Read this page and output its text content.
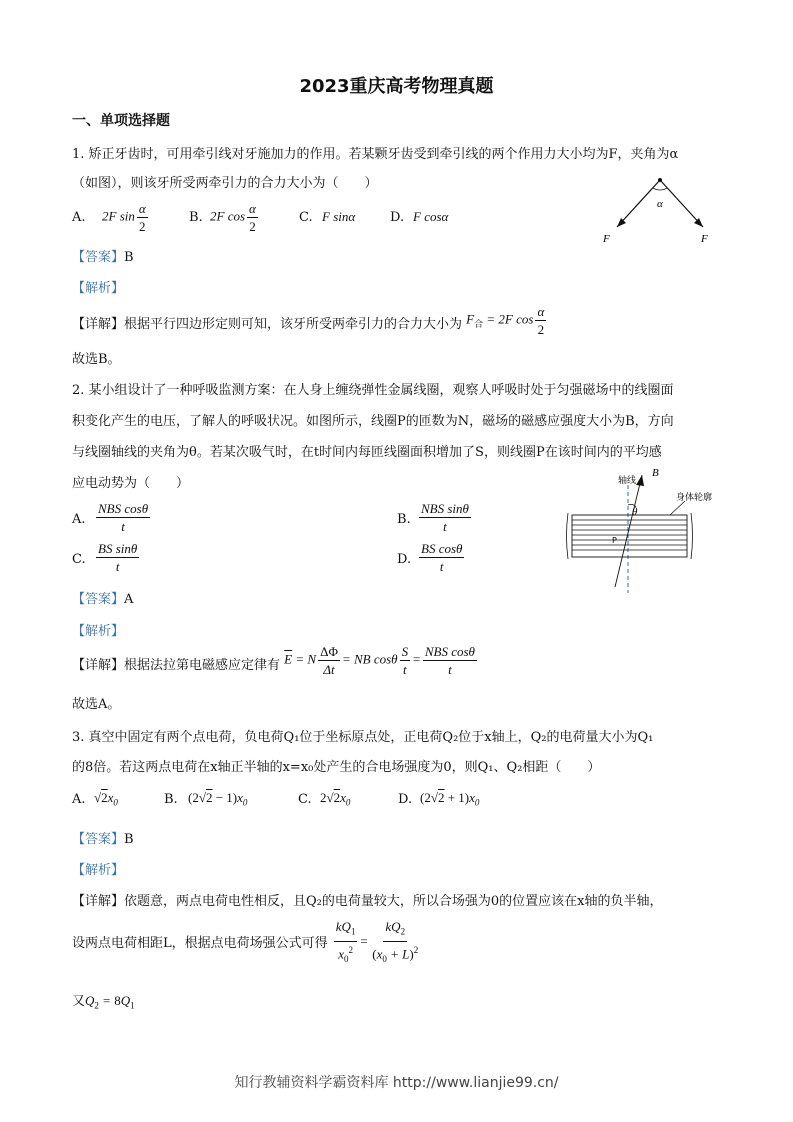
2023重庆高考物理真题
一、单项选择题
1. 矫正牙齿时，可用牵引线对牙施加力的作用。若某颗牙齿受到牵引线的两个作用力大小均为F，夹角为α
（如图），则该牙所受两牵引力的合力大小为（　　）
A. 2F $\sin \frac{\alpha}{2}$	B. 2F $\cos \frac{\alpha}{2}$	C. F sinα	D. F cosα
α
F	F
【答案】B
【解析】
【详解】根据平行四边形定则可知，该牙所受两牵引力的合力大小为 $F_合 = 2F$ $\cos \frac{\alpha}{2}$
故选B。
2. 某小组设计了一种呼吸监测方案：在人身上缠绕弹性金属线圈，观察人呼吸时处于匀强磁场中的线圈面
积变化产生的电压，了解人的呼吸状况。如图所示，线圈P的匝数为N，磁场的磁感应强度大小为B，方向
与线圈轴线的夹角为θ。若某次吸气时，在t时间内每匝线圈面积增加了S，则线圈P在该时间内的平均感
应电动势为（　　）
A. $\frac{\text{NBS cosθ}}{t}$	B. $\frac{\text{NBS sinθ}}{t}$
C. $\frac{\text{BS sinθ}}{t}$	D. $\frac{\text{BS cosθ}}{t}$
轴线
B
θ
身体轮廓
P
【答案】A
【解析】
【详解】根据法拉第电磁感应定律有 $\overline{E} = N \frac{\Delta\Phi}{\Delta t}$ = NB cosθ $\frac{S}{t} = \frac{\text{NBS cosθ}}{t}$
故选A。
3. 真空中固定有两个点电荷，负电荷Q₁位于坐标原点处，正电荷Q₂位于x轴上，Q₂的电荷量大小为Q₁
的8倍。若这两点电荷在x轴正半轴的x=x₀处产生的合电场强度为0，则Q₁、Q₂相距（　　）
A. $√2x_0$	B. $(2√2 - 1)x_0$	C. $2√2x_0$	D. $(2√2 + 1)x_0$
【答案】B
【解析】
【详解】依题意，两点电荷电性相反，且Q₂的电荷量较大，所以合场强为0的位置应该在x轴的负半轴，
设两点电荷相距L，根据点电荷场强公式可得 $\frac{kQ_1}{x_0^2} = \frac{kQ_2}{(x_0 + L)^2}$
又$Q_2 = 8Q_1$
知行教辅资料学霸资料库 http://www.lianjie99.cn/
